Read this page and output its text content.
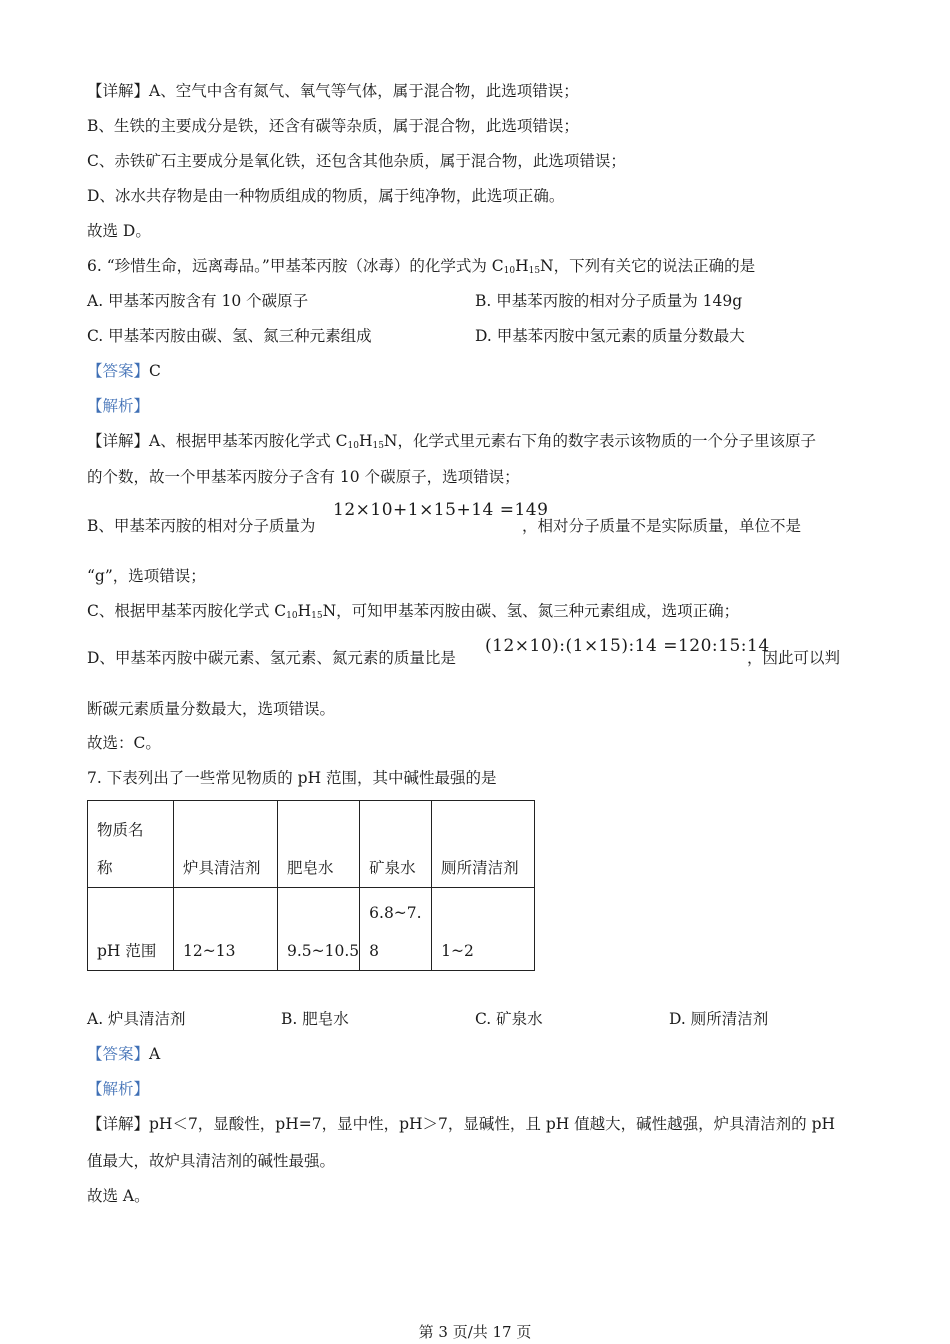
【详解】A、空气中含有氮气、氧气等气体，属于混合物，此选项错误；
B、生铁的主要成分是铁，还含有碳等杂质，属于混合物，此选项错误；
C、赤铁矿石主要成分是氧化铁，还包含其他杂质，属于混合物，此选项错误；
D、冰水共存物是由一种物质组成的物质，属于纯净物，此选项正确。
故选 D。
6. “珍惜生命，远离毒品。”甲基苯丙胺（冰毒）的化学式为 $C_{10}H_{15}N$，下列有关它的说法正确的是
A. 甲基苯丙胺含有 10 个碳原子	B. 甲基苯丙胺的相对分子质量为 149g
C. 甲基苯丙胺由碳、氢、氮三种元素组成	D. 甲基苯丙胺中氢元素的质量分数最大
【答案】C
【解析】
【详解】A、根据甲基苯丙胺化学式 $C_{10}H_{15}N$，化学式里元素右下角的数字表示该物质的一个分子里该原子
的个数，故一个甲基苯丙胺分子含有 10 个碳原子，选项错误；
B、甲基苯丙胺的相对分子质量为
12×10+1×15+14 =149
，相对分子质量不是实际质量，单位不是
“g”，选项错误；
C、根据甲基苯丙胺化学式 $C_{10}H_{15}N$，可知甲基苯丙胺由碳、氢、氮三种元素组成，选项正确；
D、甲基苯丙胺中碳元素、氢元素、氮元素的质量比是
(12×10):(1×15):14 =120:15:14
，因此可以判
断碳元素质量分数最大，选项错误。
故选：C。
7. 下表列出了一些常见物质的 pH 范围，其中碱性最强的是
物质名
称	炉具清洁剂	肥皂水	矿泉水	厕所清洁剂
pH 范围	12~13	9.5~10.5	6.8~7.
8	1~2
A. 炉具清洁剂	B. 肥皂水	C. 矿泉水	D. 厕所清洁剂
【答案】A
【解析】
【详解】pH＜7，显酸性，pH=7，显中性，pH＞7，显碱性，且 pH 值越大，碱性越强，炉具清洁剂的 pH
值最大，故炉具清洁剂的碱性最强。
故选 A。
第 3 页/共 17 页
